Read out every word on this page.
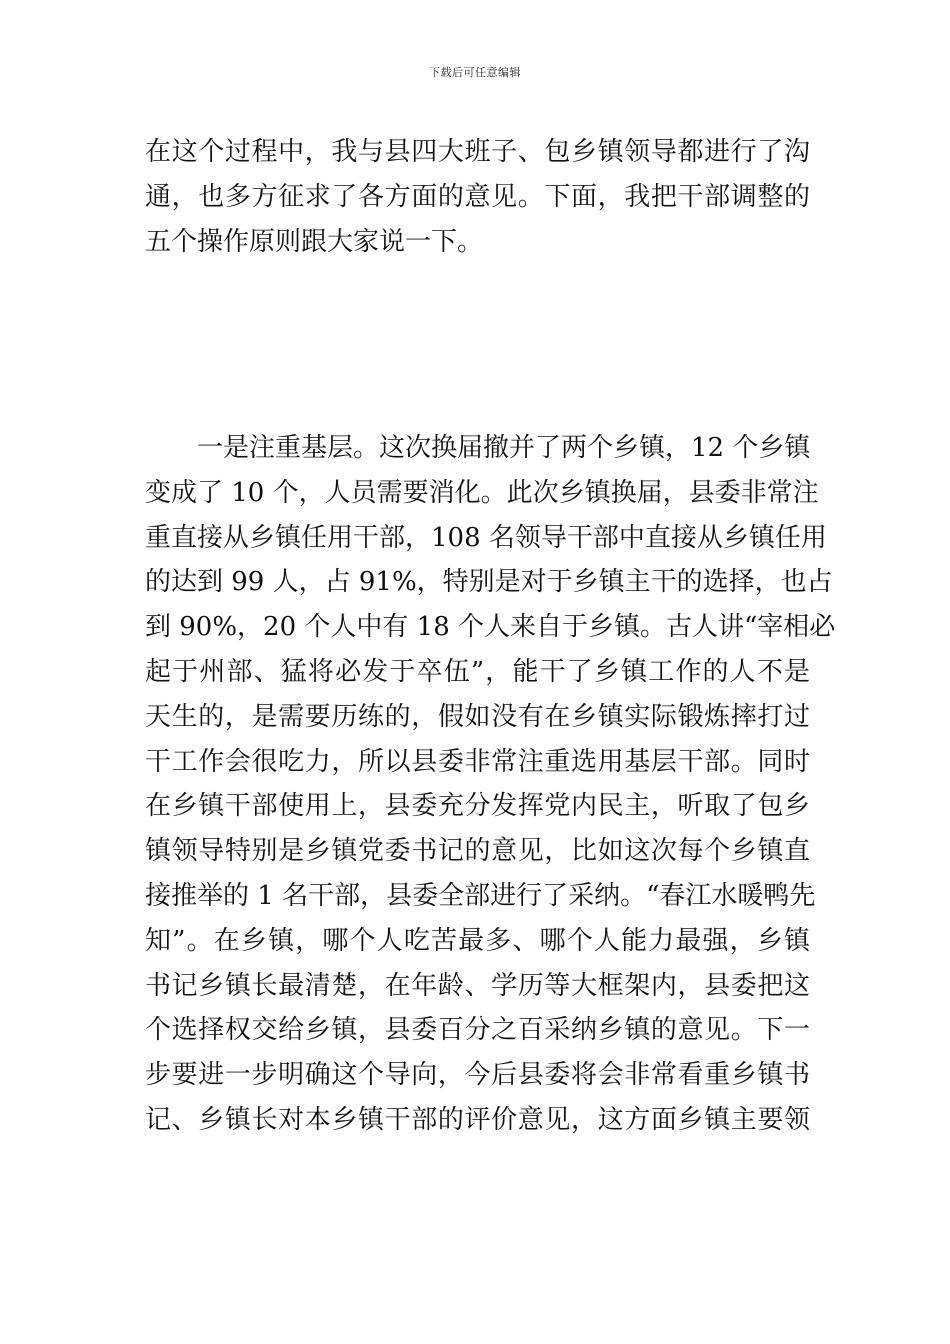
下载后可任意编辑

在这个过程中，我与县四大班子、包乡镇领导都进行了沟
通，也多方征求了各方面的意见。下面，我把干部调整的
五个操作原则跟大家说一下。

　　一是注重基层。这次换届撤并了两个乡镇，12 个乡镇
变成了 10 个，人员需要消化。此次乡镇换届，县委非常注
重直接从乡镇任用干部，108 名领导干部中直接从乡镇任用
的达到 99 人，占 91%，特别是对于乡镇主干的选择，也占
到 90%，20 个人中有 18 个人来自于乡镇。古人讲“宰相必
起于州部、猛将必发于卒伍”，能干了乡镇工作的人不是
天生的，是需要历练的，假如没有在乡镇实际锻炼摔打过
干工作会很吃力，所以县委非常注重选用基层干部。同时
在乡镇干部使用上，县委充分发挥党内民主，听取了包乡
镇领导特别是乡镇党委书记的意见，比如这次每个乡镇直
接推举的 1 名干部，县委全部进行了采纳。“春江水暖鸭先
知”。在乡镇，哪个人吃苦最多、哪个人能力最强，乡镇
书记乡镇长最清楚，在年龄、学历等大框架内，县委把这
个选择权交给乡镇，县委百分之百采纳乡镇的意见。下一
步要进一步明确这个导向，今后县委将会非常看重乡镇书
记、乡镇长对本乡镇干部的评价意见，这方面乡镇主要领
